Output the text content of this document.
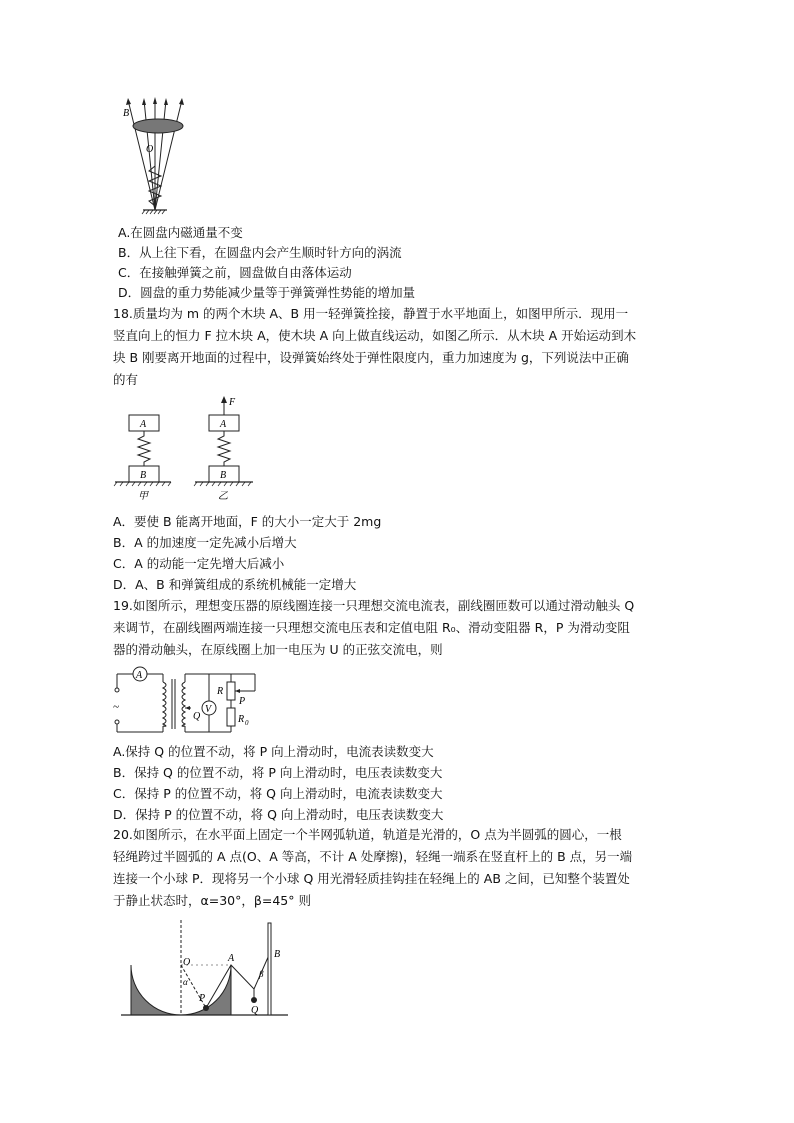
B
O
A.在圆盘内磁通量不变
B．从上往下看，在圆盘内会产生顺时针方向的涡流
C．在接触弹簧之前，圆盘做自由落体运动
D．圆盘的重力势能减少量等于弹簧弹性势能的增加量
18.质量均为 m 的两个木块 A、B 用一轻弹簧拴接，静置于水平地面上，如图甲所示．现用一
竖直向上的恒力 F 拉木块 A，使木块 A 向上做直线运动，如图乙所示．从木块 A 开始运动到木
块 B 刚要离开地面的过程中，设弹簧始终处于弹性限度内，重力加速度为 g，下列说法中正确
的有
A
B
甲
F
A
B
乙
A．要使 B 能离开地面，F 的大小一定大于 2mg
B．A 的加速度一定先减小后增大
C．A 的动能一定先增大后减小
D．A、B 和弹簧组成的系统机械能一定增大
19.如图所示，理想变压器的原线圈连接一只理想交流电流表，副线圈匝数可以通过滑动触头 Q
来调节，在副线圈两端连接一只理想交流电压表和定值电阻 R₀、滑动变阻器 R，P 为滑动变阻
器的滑动触头，在原线圈上加一电压为 U 的正弦交流电，则
A
V
~
R
P
Q	R 0
A.保持 Q 的位置不动，将 P 向上滑动时，电流表读数变大
B．保持 Q 的位置不动，将 P 向上滑动时，电压表读数变大
C．保持 P 的位置不动，将 Q 向上滑动时，电流表读数变大
D．保持 P 的位置不动，将 Q 向上滑动时，电压表读数变大
20.如图所示，在水平面上固定一个半网弧轨道，轨道是光滑的，O 点为半圆弧的圆心，一根
轻绳跨过半圆弧的 A 点(O、A 等高，不计 A 处摩擦)，轻绳一端系在竖直杆上的 B 点，另一端
连接一个小球 P．现将另一个小球 Q 用光滑轻质挂钩挂在轻绳上的 AB 之间，已知整个装置处
于静止状态时，α=30°，β=45° 则
O	A	B
P
Q
α
β
